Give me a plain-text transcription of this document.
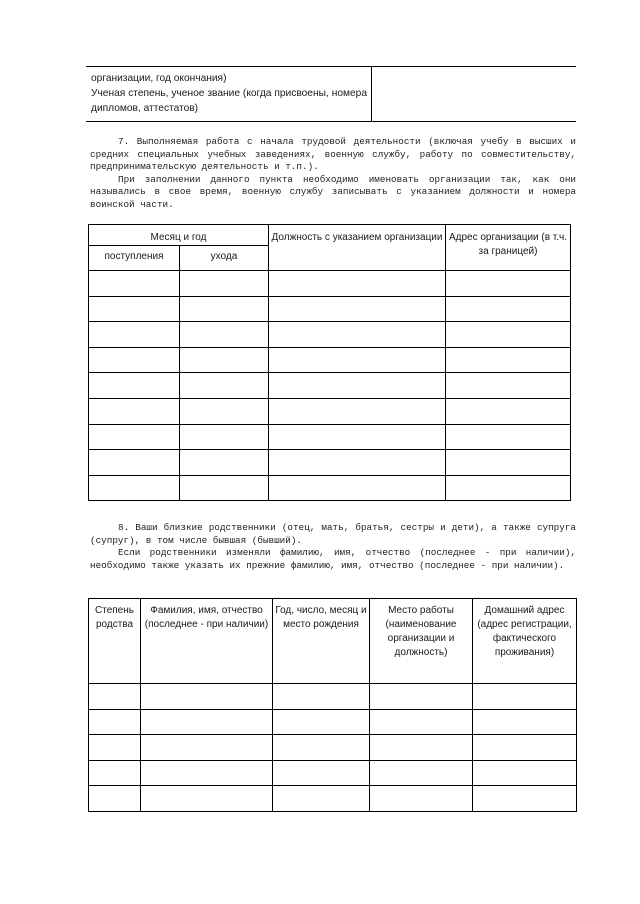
организации, год окончания)
Ученая степень, ученое звание (когда присвоены, номера дипломов, аттестатов)

7. Выполняемая работа с начала трудовой деятельности (включая учебу в высших и средних специальных учебных заведениях, военную службу, работу по совместительству, предпринимательскую деятельность и т.п.).

При заполнении данного пункта необходимо именовать организации так, как они назывались в свое время, военную службу записывать с указанием должности и номера воинской части.

Месяц и год		Должность с указанием организации	Адрес организации (в т.ч. за границей)
поступления	ухода		

8. Ваши близкие родственники (отец, мать, братья, сестры и дети), а также супруга (супруг), в том числе бывшая (бывший).

Если родственники изменяли фамилию, имя, отчество (последнее - при наличии), необходимо также указать их прежние фамилию, имя, отчество (последнее - при наличии).

Степень родства	Фамилия, имя, отчество (последнее - при наличии)	Год, число, месяц и место рождения	Место работы (наименование организации и должность)	Домашний адрес (адрес регистрации, фактического проживания)
